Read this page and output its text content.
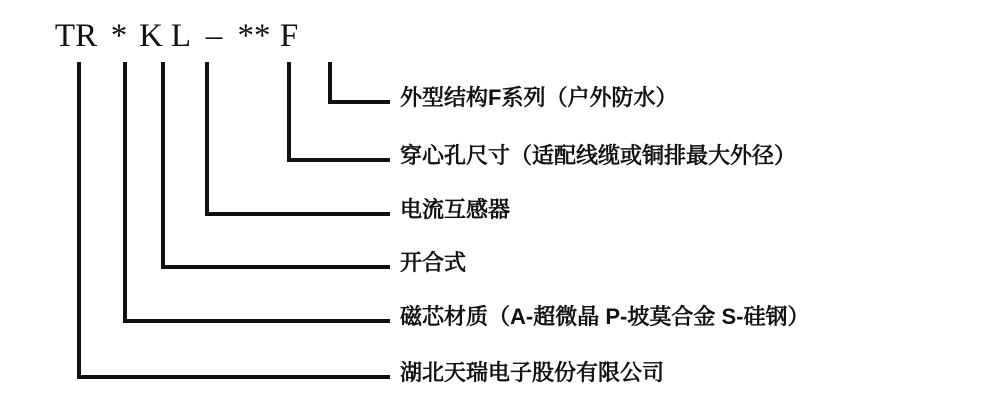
TR * K L – ** F
外型结构F系列（户外防水）
穿心孔尺寸（适配线缆或铜排最大外径）
电流互感器
开合式
磁芯材质（A-超微晶 P-坡莫合金 S-硅钢）
湖北天瑞电子股份有限公司
